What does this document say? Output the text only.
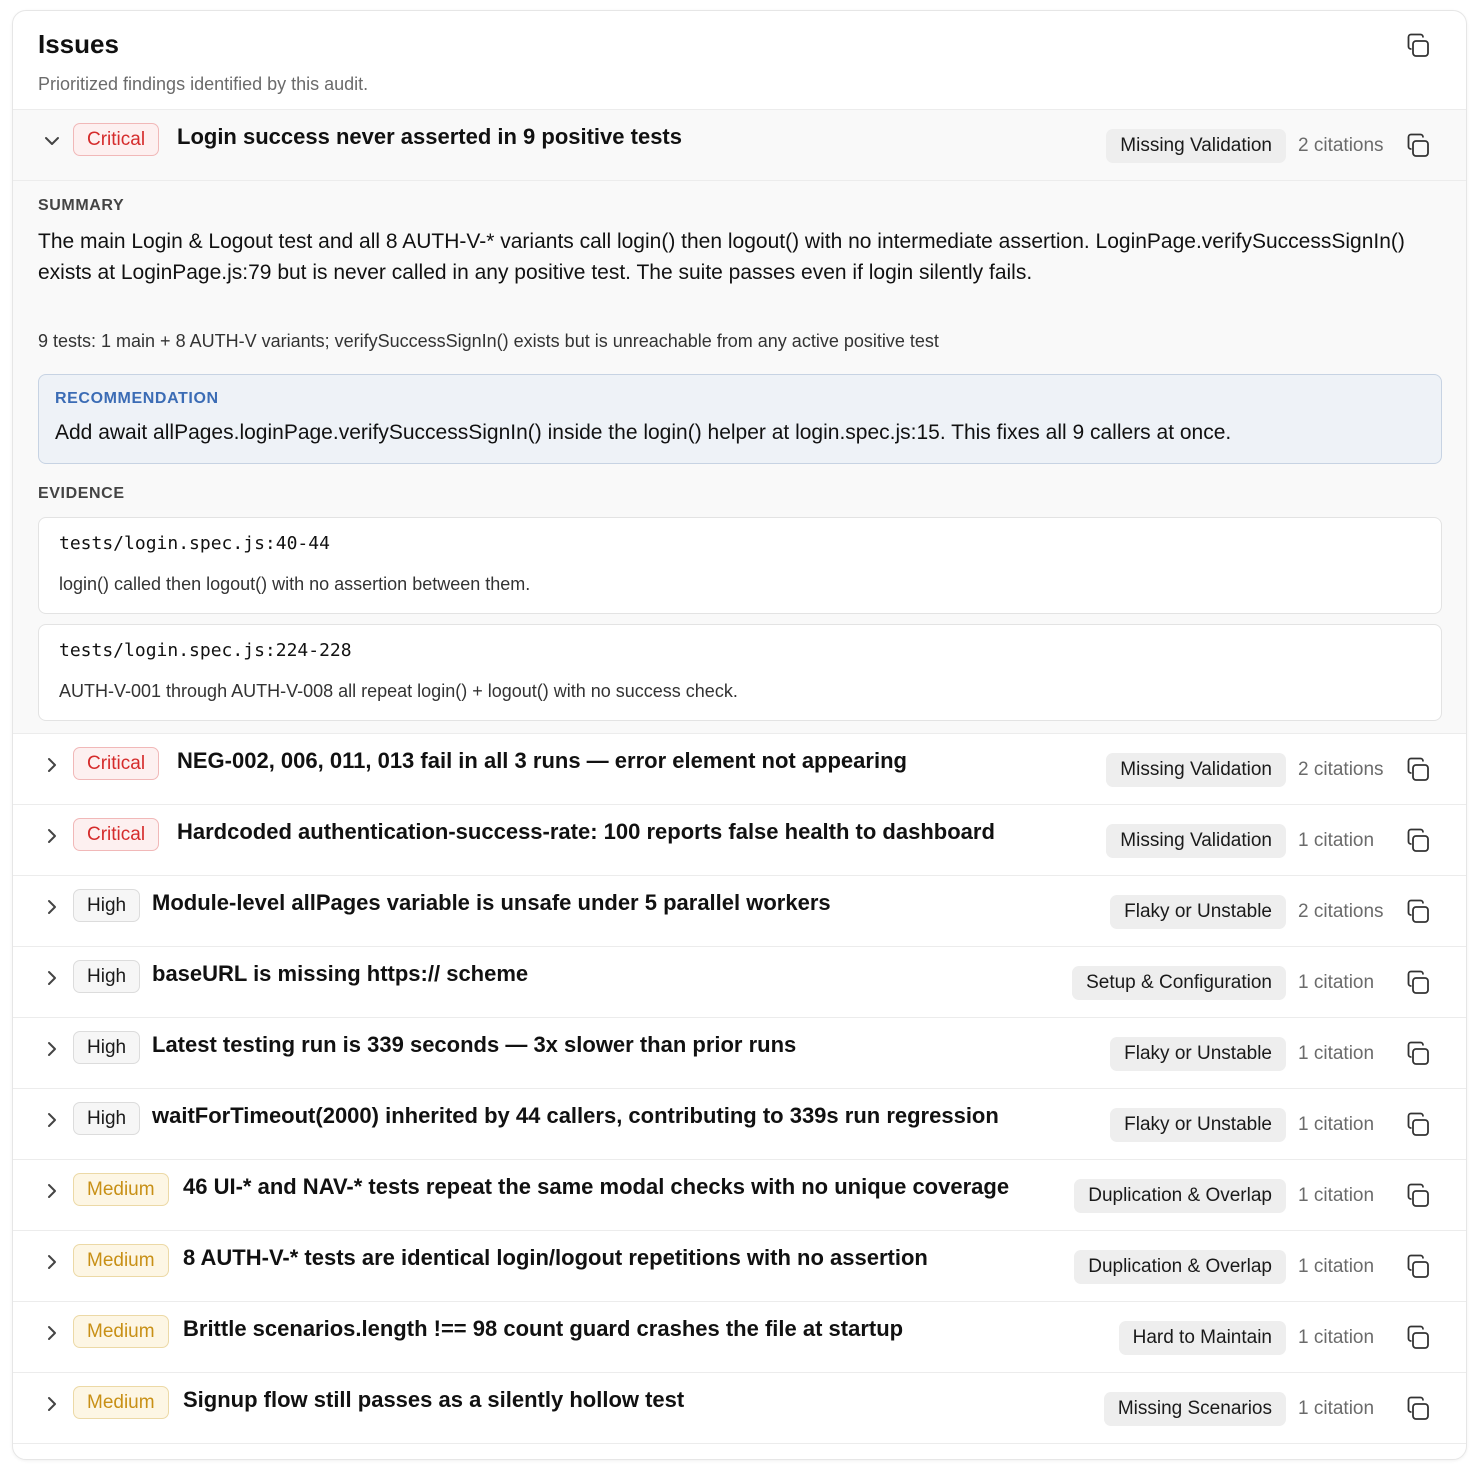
Issues
Prioritized findings identified by this audit.
Critical	Login success never asserted in 9 positive tests	Missing Validation	2 citations
SUMMARY
The main Login & Logout test and all 8 AUTH-V-* variants call login() then logout() with no intermediate assertion. LoginPage.verifySuccessSignIn() exists at LoginPage.js:79 but is never called in any positive test. The suite passes even if login silently fails.
9 tests: 1 main + 8 AUTH-V variants; verifySuccessSignIn() exists but is unreachable from any active positive test
RECOMMENDATION
Add await allPages.loginPage.verifySuccessSignIn() inside the login() helper at login.spec.js:15. This fixes all 9 callers at once.
EVIDENCE
tests/login.spec.js:40-44
login() called then logout() with no assertion between them.
tests/login.spec.js:224-228
AUTH-V-001 through AUTH-V-008 all repeat login() + logout() with no success check.
Critical	NEG-002, 006, 011, 013 fail in all 3 runs — error element not appearing	Missing Validation	2 citations
Critical	Hardcoded authentication-success-rate: 100 reports false health to dashboard	Missing Validation	1 citation
High	Module-level allPages variable is unsafe under 5 parallel workers	Flaky or Unstable	2 citations
High	baseURL is missing https:// scheme	Setup & Configuration	1 citation
High	Latest testing run is 339 seconds — 3x slower than prior runs	Flaky or Unstable	1 citation
High	waitForTimeout(2000) inherited by 44 callers, contributing to 339s run regression	Flaky or Unstable	1 citation
Medium	46 UI-* and NAV-* tests repeat the same modal checks with no unique coverage	Duplication & Overlap	1 citation
Medium	8 AUTH-V-* tests are identical login/logout repetitions with no assertion	Duplication & Overlap	1 citation
Medium	Brittle scenarios.length !== 98 count guard crashes the file at startup	Hard to Maintain	1 citation
Medium	Signup flow still passes as a silently hollow test	Missing Scenarios	1 citation
